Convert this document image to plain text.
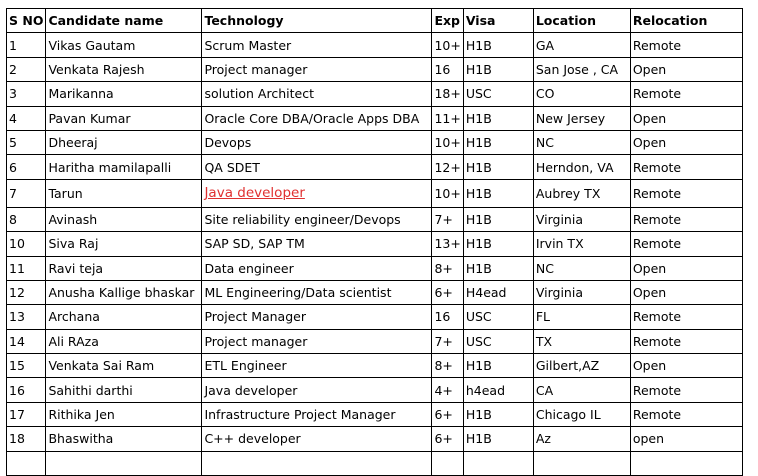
S NO	Candidate name	Technology	Exp	Visa	Location	Relocation
1	Vikas Gautam	Scrum Master	10+	H1B	GA	Remote
2	Venkata Rajesh	Project manager	16	H1B	San Jose , CA	Open
3	Marikanna	solution Architect	18+	USC	CO	Remote
4	Pavan Kumar	Oracle Core DBA/Oracle Apps DBA	11+	H1B	New Jersey	Open
5	Dheeraj	Devops	10+	H1B	NC	Open
6	Haritha mamilapalli	QA SDET	12+	H1B	Herndon, VA	Remote
7	Tarun	Java developer	10+	H1B	Aubrey TX	Remote
8	Avinash	Site reliability engineer/Devops	7+	H1B	Virginia	Remote
10	Siva Raj	SAP SD, SAP TM	13+	H1B	Irvin TX	Remote
11	Ravi teja	Data engineer	8+	H1B	NC	Open
12	Anusha Kallige bhaskar	ML Engineering/Data scientist	6+	H4ead	Virginia	Open
13	Archana	Project Manager	16	USC	FL	Remote
14	Ali RAza	Project manager	7+	USC	TX	Remote
15	Venkata Sai Ram	ETL Engineer	8+	H1B	Gilbert,AZ	Open
16	Sahithi darthi	Java developer	4+	h4ead	CA	Remote
17	Rithika Jen	Infrastructure Project Manager	6+	H1B	Chicago IL	Remote
18	Bhaswitha	C++ developer	6+	H1B	Az	open
